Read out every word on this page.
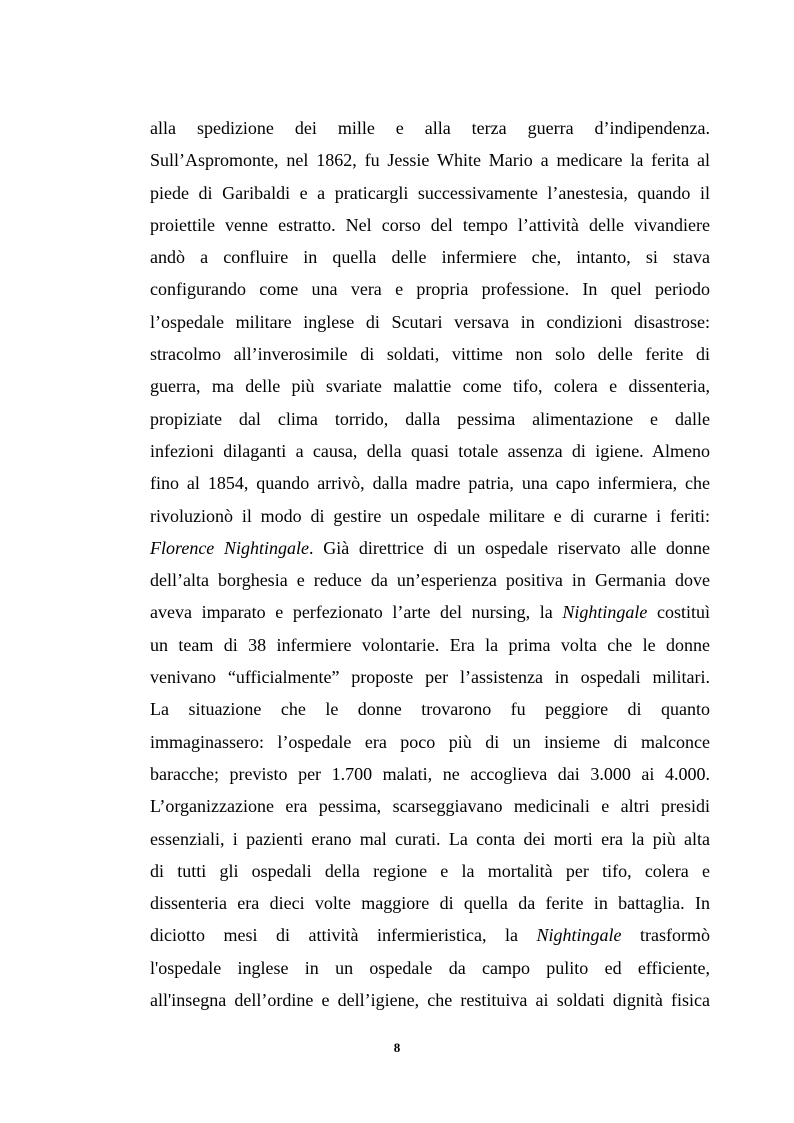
alla spedizione dei mille e alla terza guerra d’indipendenza.
Sull’Aspromonte, nel 1862, fu Jessie White Mario a medicare la ferita al
piede di Garibaldi e a praticargli successivamente l’anestesia, quando il
proiettile venne estratto. Nel corso del tempo l’attività delle vivandiere
andò a confluire in quella delle infermiere che, intanto, si stava
configurando come una vera e propria professione. In quel periodo
l’ospedale militare inglese di Scutari versava in condizioni disastrose:
stracolmo all’inverosimile di soldati, vittime non solo delle ferite di
guerra, ma delle più svariate malattie come tifo, colera e dissenteria,
propiziate dal clima torrido, dalla pessima alimentazione e dalle
infezioni dilaganti a causa, della quasi totale assenza di igiene. Almeno
fino al 1854, quando arrivò, dalla madre patria, una capo infermiera, che
rivoluzionò il modo di gestire un ospedale militare e di curarne i feriti:
Florence Nightingale. Già direttrice di un ospedale riservato alle donne
dell’alta borghesia e reduce da un’esperienza positiva in Germania dove
aveva imparato e perfezionato l’arte del nursing, la Nightingale costituì
un team di 38 infermiere volontarie. Era la prima volta che le donne
venivano “ufficialmente” proposte per l’assistenza in ospedali militari.
La situazione che le donne trovarono fu peggiore di quanto
immaginassero: l’ospedale era poco più di un insieme di malconce
baracche; previsto per 1.700 malati, ne accoglieva dai 3.000 ai 4.000.
L’organizzazione era pessima, scarseggiavano medicinali e altri presidi
essenziali, i pazienti erano mal curati. La conta dei morti era la più alta
di tutti gli ospedali della regione e la mortalità per tifo, colera e
dissenteria era dieci volte maggiore di quella da ferite in battaglia. In
diciotto mesi di attività infermieristica, la Nightingale trasformò
l'ospedale inglese in un ospedale da campo pulito ed efficiente,
all'insegna dell’ordine e dell’igiene, che restituiva ai soldati dignità fisica
8
